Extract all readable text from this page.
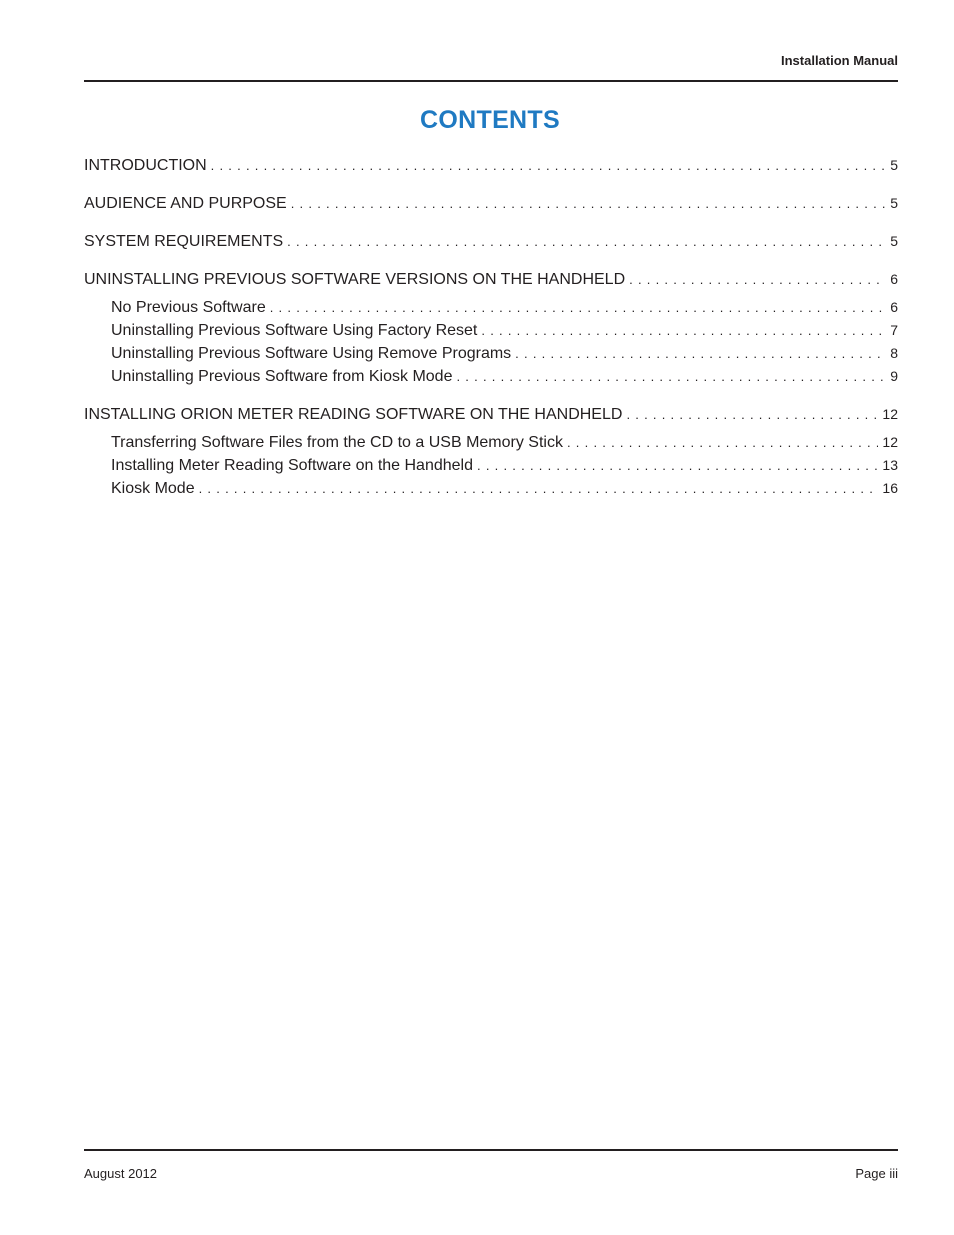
Installation Manual
CONTENTS
INTRODUCTION . . .	5
AUDIENCE AND PURPOSE . . .	5
SYSTEM REQUIREMENTS . . .	5
UNINSTALLING PREVIOUS SOFTWARE VERSIONS ON THE HANDHELD . . .	6
No Previous Software . . .	6
Uninstalling Previous Software Using Factory Reset . . .	7
Uninstalling Previous Software Using Remove Programs . . .	8
Uninstalling Previous Software from Kiosk Mode . . .	9
INSTALLING ORION METER READING SOFTWARE ON THE HANDHELD . . .	12
Transferring Software Files from the CD to a USB Memory Stick . . .	12
Installing Meter Reading Software on the Handheld . . .	13
Kiosk Mode . . .	16
August 2012	Page iii
